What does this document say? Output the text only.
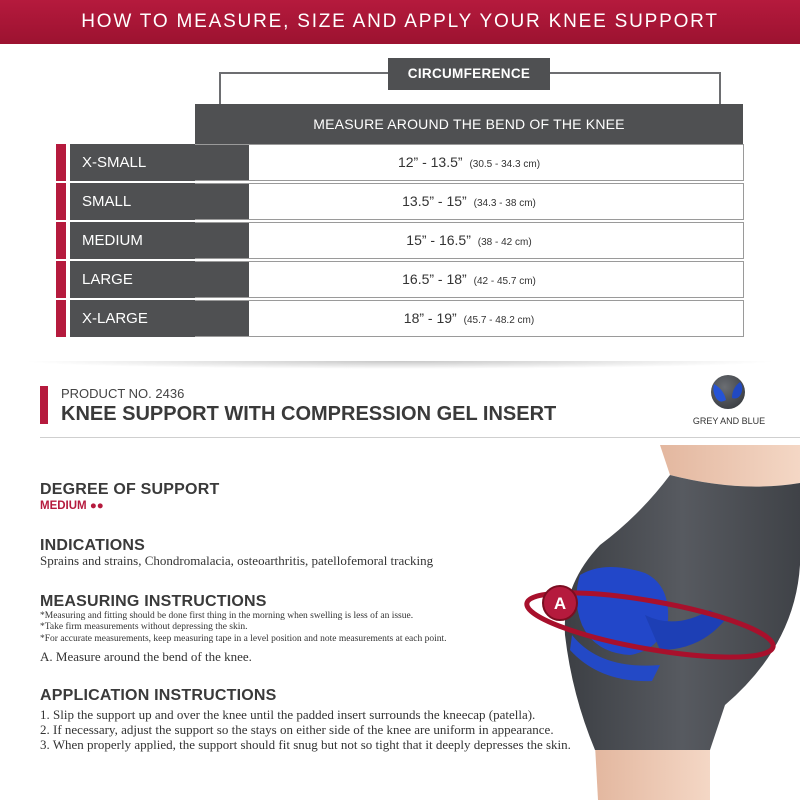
HOW TO MEASURE, SIZE AND APPLY YOUR KNEE SUPPORT
CIRCUMFERENCE
MEASURE AROUND THE BEND OF THE KNEE
X-SMALL	12” - 13.5” (30.5 - 34.3 cm)
SMALL	13.5” - 15” (34.3 - 38 cm)
MEDIUM	15” - 16.5” (38 - 42 cm)
LARGE	16.5” - 18” (42 - 45.7 cm)
X-LARGE	18” - 19” (45.7 - 48.2 cm)
PRODUCT NO. 2436
KNEE SUPPORT WITH COMPRESSION GEL INSERT	GREY AND BLUE
DEGREE OF SUPPORT
MEDIUM ●●
INDICATIONS
Sprains and strains, Chondromalacia, osteoarthritis, patellofemoral tracking
MEASURING INSTRUCTIONS
*Measuring and fitting should be done first thing in the morning when swelling is less of an issue.
*Take firm measurements without depressing the skin.
*For accurate measurements, keep measuring tape in a level position and note measurements at each point.
A. Measure around the bend of the knee.
APPLICATION INSTRUCTIONS
1. Slip the support up and over the knee until the padded insert surrounds the kneecap (patella).
2. If necessary, adjust the support so the stays on either side of the knee are uniform in appearance.
3. When properly applied, the support should fit snug but not so tight that it deeply depresses the skin.
A
